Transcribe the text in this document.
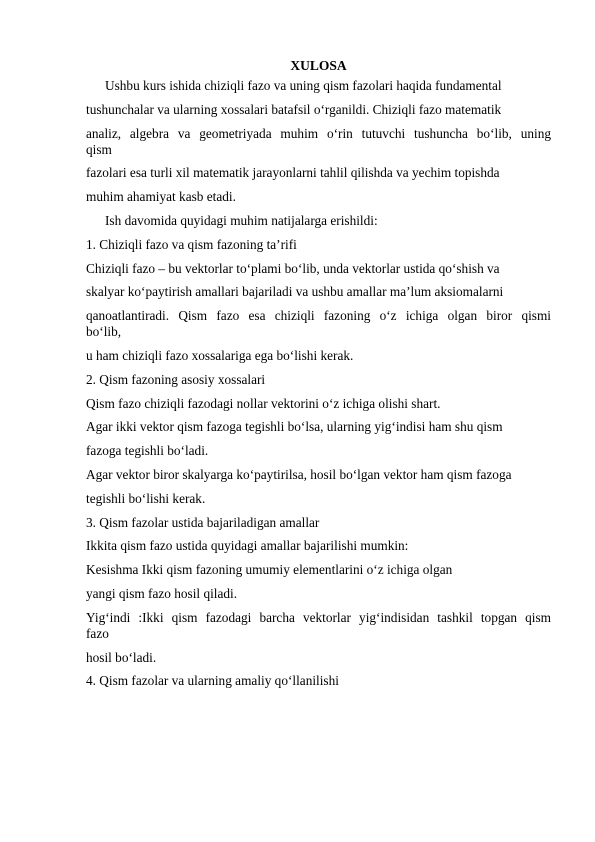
XULOSA
Ushbu kurs ishida chiziqli fazo va uning qism fazolari haqida fundamental
tushunchalar va ularning xossalari batafsil o‘rganildi. Chiziqli fazo matematik
analiz, algebra va geometriyada muhim o‘rin tutuvchi tushuncha bo‘lib, uning
qism
fazolari esa turli xil matematik jarayonlarni tahlil qilishda va yechim topishda
muhim ahamiyat kasb etadi.
Ish davomida quyidagi muhim natijalarga erishildi:
1. Chiziqli fazo va qism fazoning ta’rifi
Chiziqli fazo – bu vektorlar to‘plami bo‘lib, unda vektorlar ustida qo‘shish va
skalyar ko‘paytirish amallari bajariladi va ushbu amallar ma’lum aksiomalarni
qanoatlantiradi. Qism fazo esa chiziqli fazoning o‘z ichiga olgan biror qismi
bo‘lib,
u ham chiziqli fazo xossalariga ega bo‘lishi kerak.
2. Qism fazoning asosiy xossalari
Qism fazo chiziqli fazodagi nollar vektorini o‘z ichiga olishi shart.
Agar ikki vektor qism fazoga tegishli bo‘lsa, ularning yig‘indisi ham shu qism
fazoga tegishli bo‘ladi.
Agar vektor biror skalyarga ko‘paytirilsa, hosil bo‘lgan vektor ham qism fazoga
tegishli bo‘lishi kerak.
3. Qism fazolar ustida bajariladigan amallar
Ikkita qism fazo ustida quyidagi amallar bajarilishi mumkin:
Kesishma Ikki qism fazoning umumiy elementlarini o‘z ichiga olgan
yangi qism fazo hosil qiladi.
Yig‘indi :Ikki qism fazodagi barcha vektorlar yig‘indisidan tashkil topgan qism
fazo
hosil bo‘ladi.
4. Qism fazolar va ularning amaliy qo‘llanilishi
